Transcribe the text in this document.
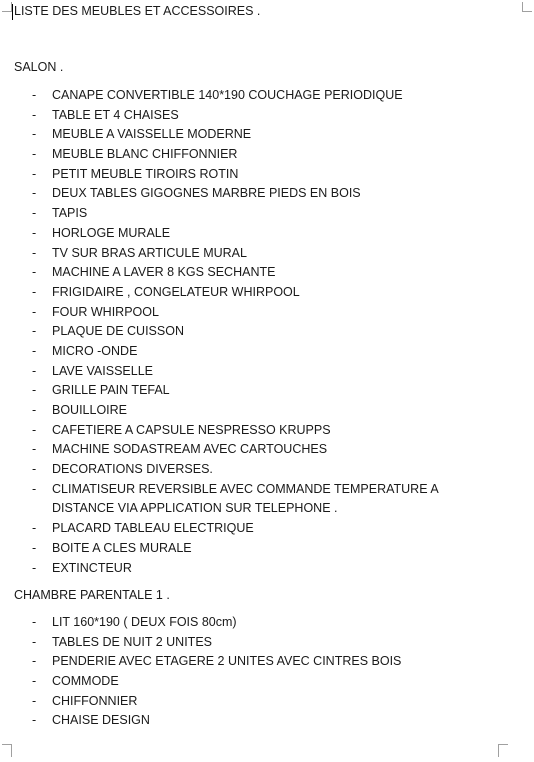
LISTE DES MEUBLES ET ACCESSOIRES .
SALON .
- CANAPE CONVERTIBLE 140*190 COUCHAGE PERIODIQUE
- TABLE ET 4 CHAISES
- MEUBLE A VAISSELLE MODERNE
- MEUBLE BLANC CHIFFONNIER
- PETIT MEUBLE TIROIRS ROTIN
- DEUX TABLES GIGOGNES MARBRE PIEDS EN BOIS
- TAPIS
- HORLOGE MURALE
- TV SUR BRAS ARTICULE MURAL
- MACHINE A LAVER 8 KGS SECHANTE
- FRIGIDAIRE , CONGELATEUR WHIRPOOL
- FOUR WHIRPOOL
- PLAQUE DE CUISSON
- MICRO -ONDE
- LAVE VAISSELLE
- GRILLE PAIN TEFAL
- BOUILLOIRE
- CAFETIERE A CAPSULE NESPRESSO KRUPPS
- MACHINE SODASTREAM AVEC CARTOUCHES
- DECORATIONS DIVERSES.
- CLIMATISEUR REVERSIBLE AVEC COMMANDE TEMPERATURE A DISTANCE VIA APPLICATION SUR TELEPHONE .
- PLACARD TABLEAU ELECTRIQUE
- BOITE A CLES MURALE
- EXTINCTEUR
CHAMBRE PARENTALE 1 .
- LIT 160*190 ( DEUX FOIS 80cm)
- TABLES DE NUIT 2 UNITES
- PENDERIE AVEC ETAGERE 2 UNITES AVEC CINTRES BOIS
- COMMODE
- CHIFFONNIER
- CHAISE DESIGN
